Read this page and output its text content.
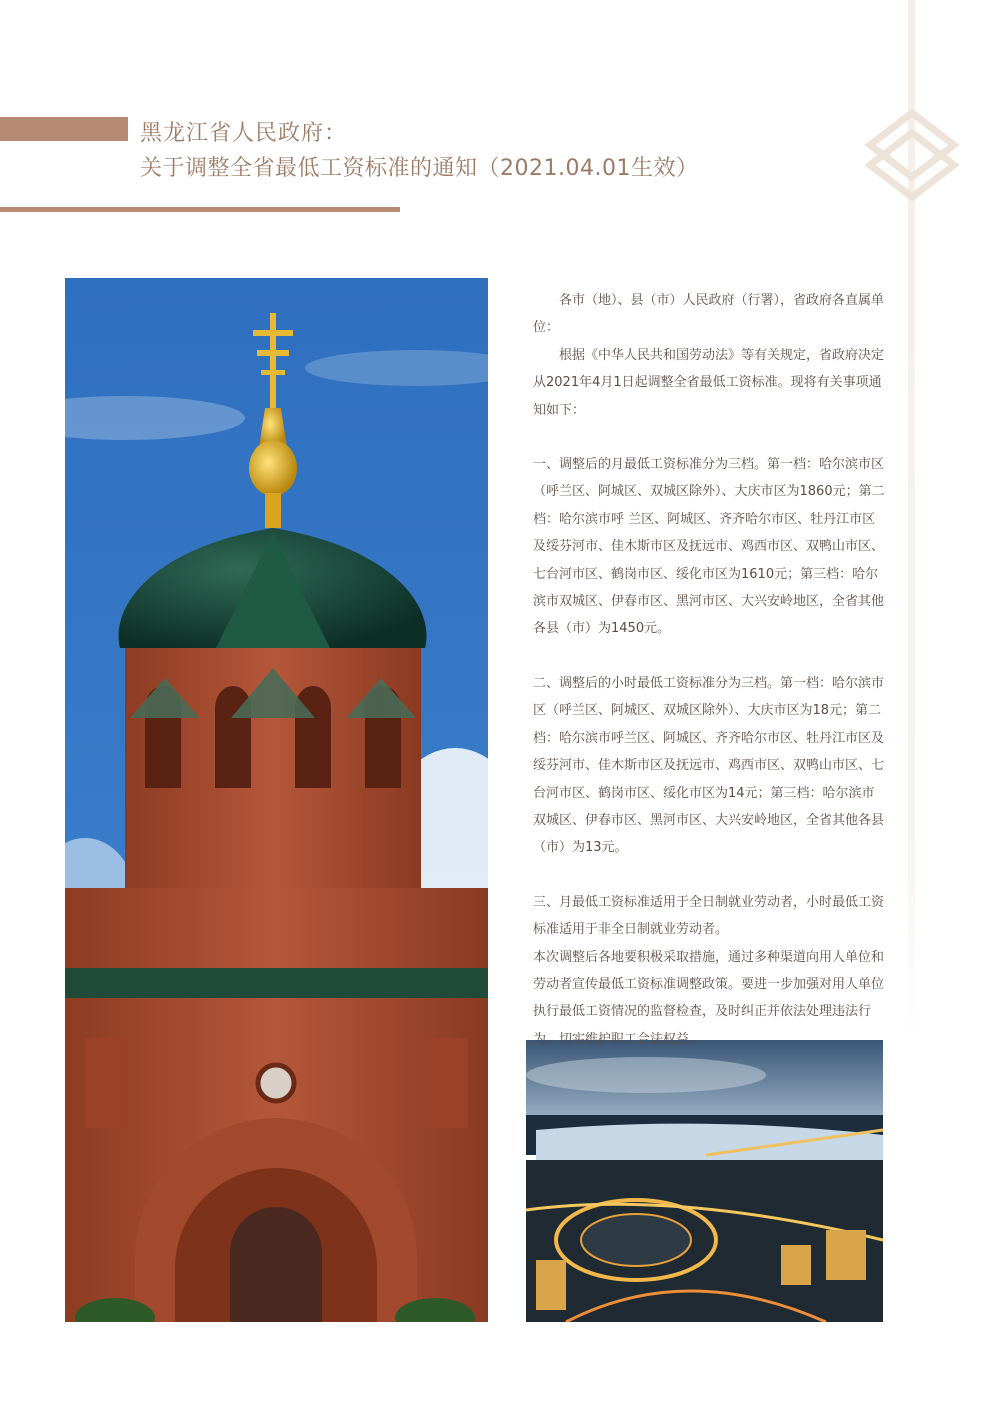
黑龙江省人民政府：
关于调整全省最低工资标准的通知（2021.04.01生效）

各市（地）、县（市）人民政府（行署），省政府各直属单位：

根据《中华人民共和国劳动法》等有关规定，省政府决定从2021年4月1日起调整全省最低工资标准。现将有关事项通知如下：

一、调整后的月最低工资标准分为三档。第一档：哈尔滨市区（呼兰区、阿城区、双城区除外）、大庆市区为1860元；第二档：哈尔滨市呼 兰区、阿城区、齐齐哈尔市区、牡丹江市区及绥芬河市、佳木斯市区及抚远市、鸡西市区、双鸭山市区、七台河市区、鹤岗市区、绥化市区为1610元；第三档：哈尔滨市双城区、伊春市区、黑河市区、大兴安岭地区，全省其他各县（市）为1450元。

二、调整后的小时最低工资标准分为三档。第一档：哈尔滨市区（呼兰区、阿城区、双城区除外）、大庆市区为18元；第二档：哈尔滨市呼兰区、阿城区、齐齐哈尔市区、牡丹江市区及绥芬河市、佳木斯市区及抚远市、鸡西市区、双鸭山市区、七台河市区、鹤岗市区、绥化市区为14元；第三档：哈尔滨市双城区、伊春市区、黑河市区、大兴安岭地区，全省其他各县（市）为13元。

三、月最低工资标准适用于全日制就业劳动者，小时最低工资标准适用于非全日制就业劳动者。

本次调整后各地要积极采取措施，通过多种渠道向用人单位和劳动者宣传最低工资标准调整政策。要进一步加强对用人单位执行最低工资情况的监督检查，及时纠正并依法处理违法行为，切实维护职工合法权益。
